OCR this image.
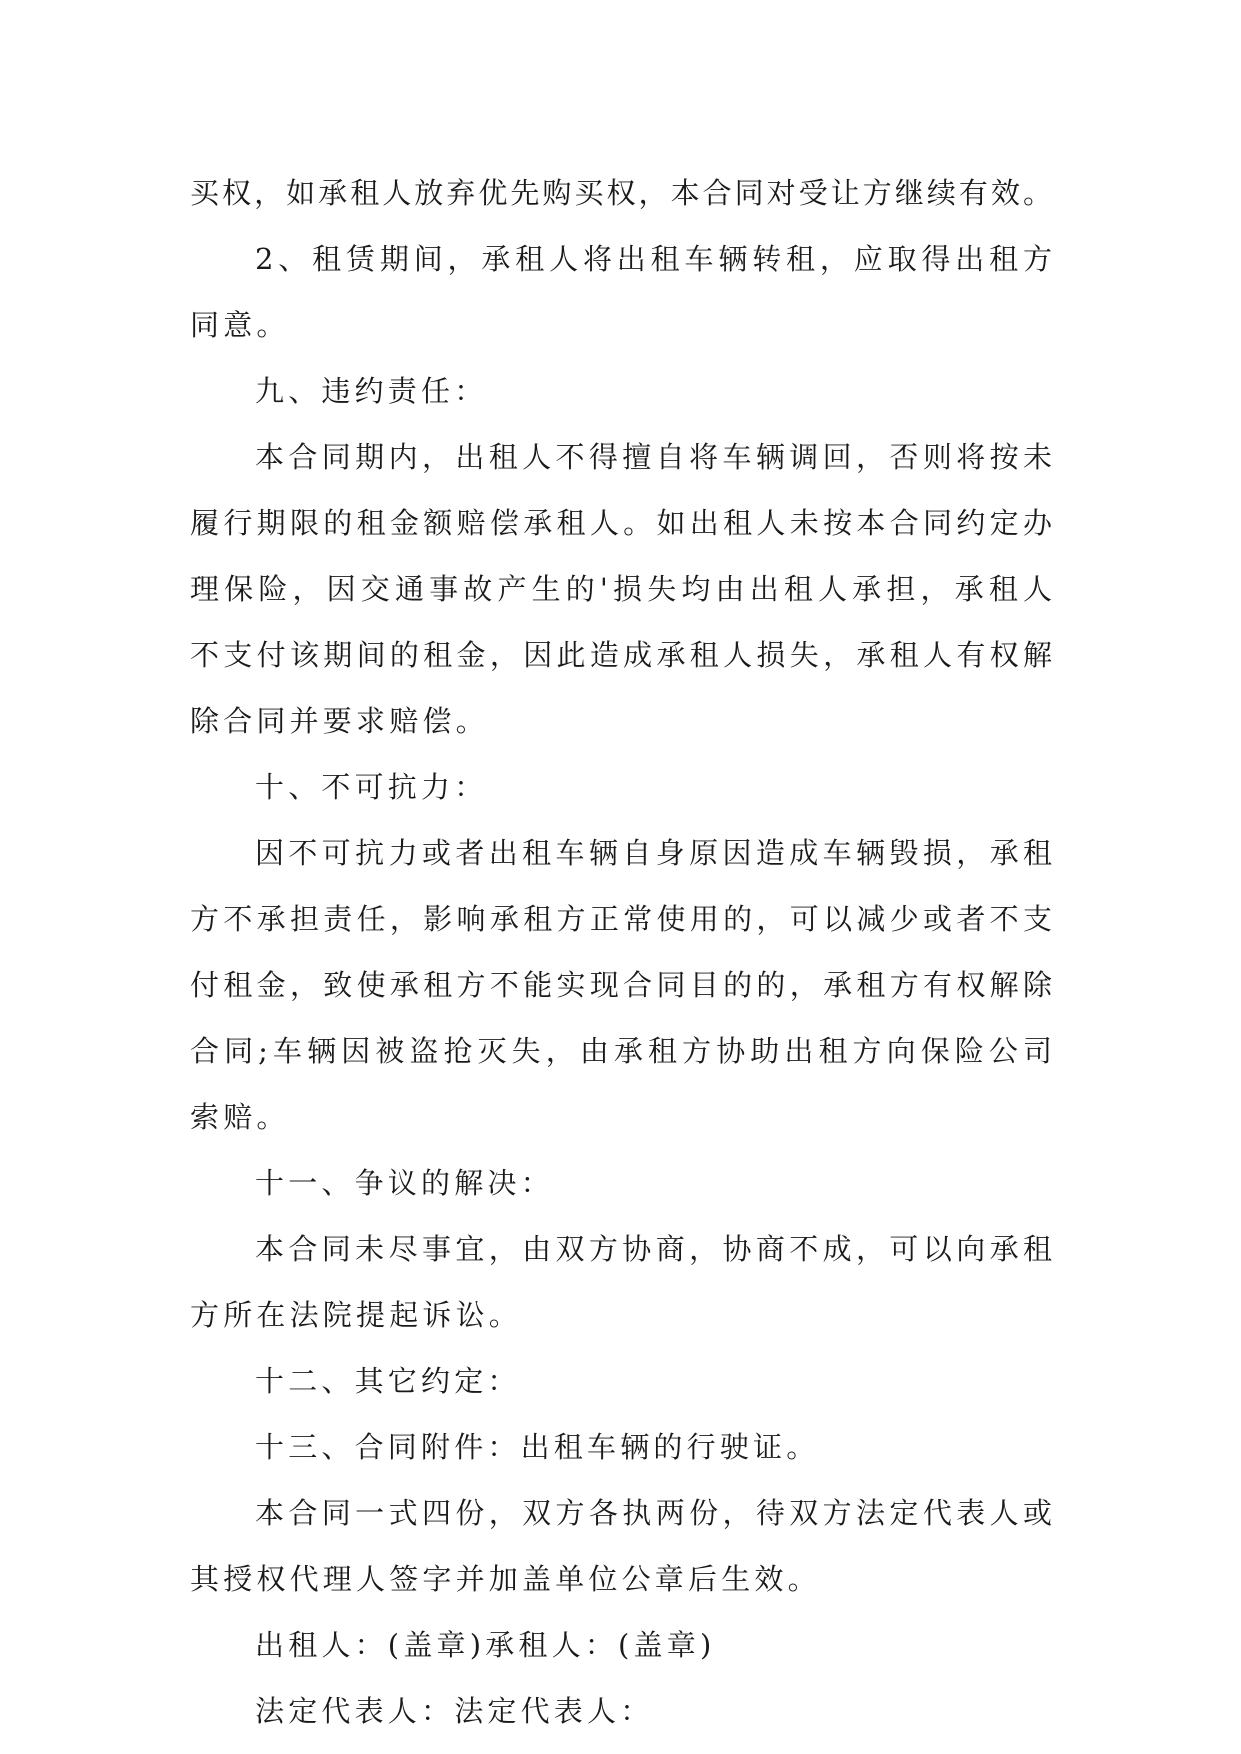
买权，如承租人放弃优先购买权，本合同对受让方继续有效。
2、租赁期间，承租人将出租车辆转租，应取得出租方
同意。
九、违约责任：
本合同期内，出租人不得擅自将车辆调回，否则将按未
履行期限的租金额赔偿承租人。如出租人未按本合同约定办
理保险，因交通事故产生的'损失均由出租人承担，承租人
不支付该期间的租金，因此造成承租人损失，承租人有权解
除合同并要求赔偿。
十、不可抗力：
因不可抗力或者出租车辆自身原因造成车辆毁损，承租
方不承担责任，影响承租方正常使用的，可以减少或者不支
付租金，致使承租方不能实现合同目的的，承租方有权解除
合同;车辆因被盗抢灭失，由承租方协助出租方向保险公司
索赔。
十一、争议的解决：
本合同未尽事宜，由双方协商，协商不成，可以向承租
方所在法院提起诉讼。
十二、其它约定：
十三、合同附件：出租车辆的行驶证。
本合同一式四份，双方各执两份，待双方法定代表人或
其授权代理人签字并加盖单位公章后生效。
出租人：(盖章)承租人：(盖章)
法定代表人：法定代表人：
